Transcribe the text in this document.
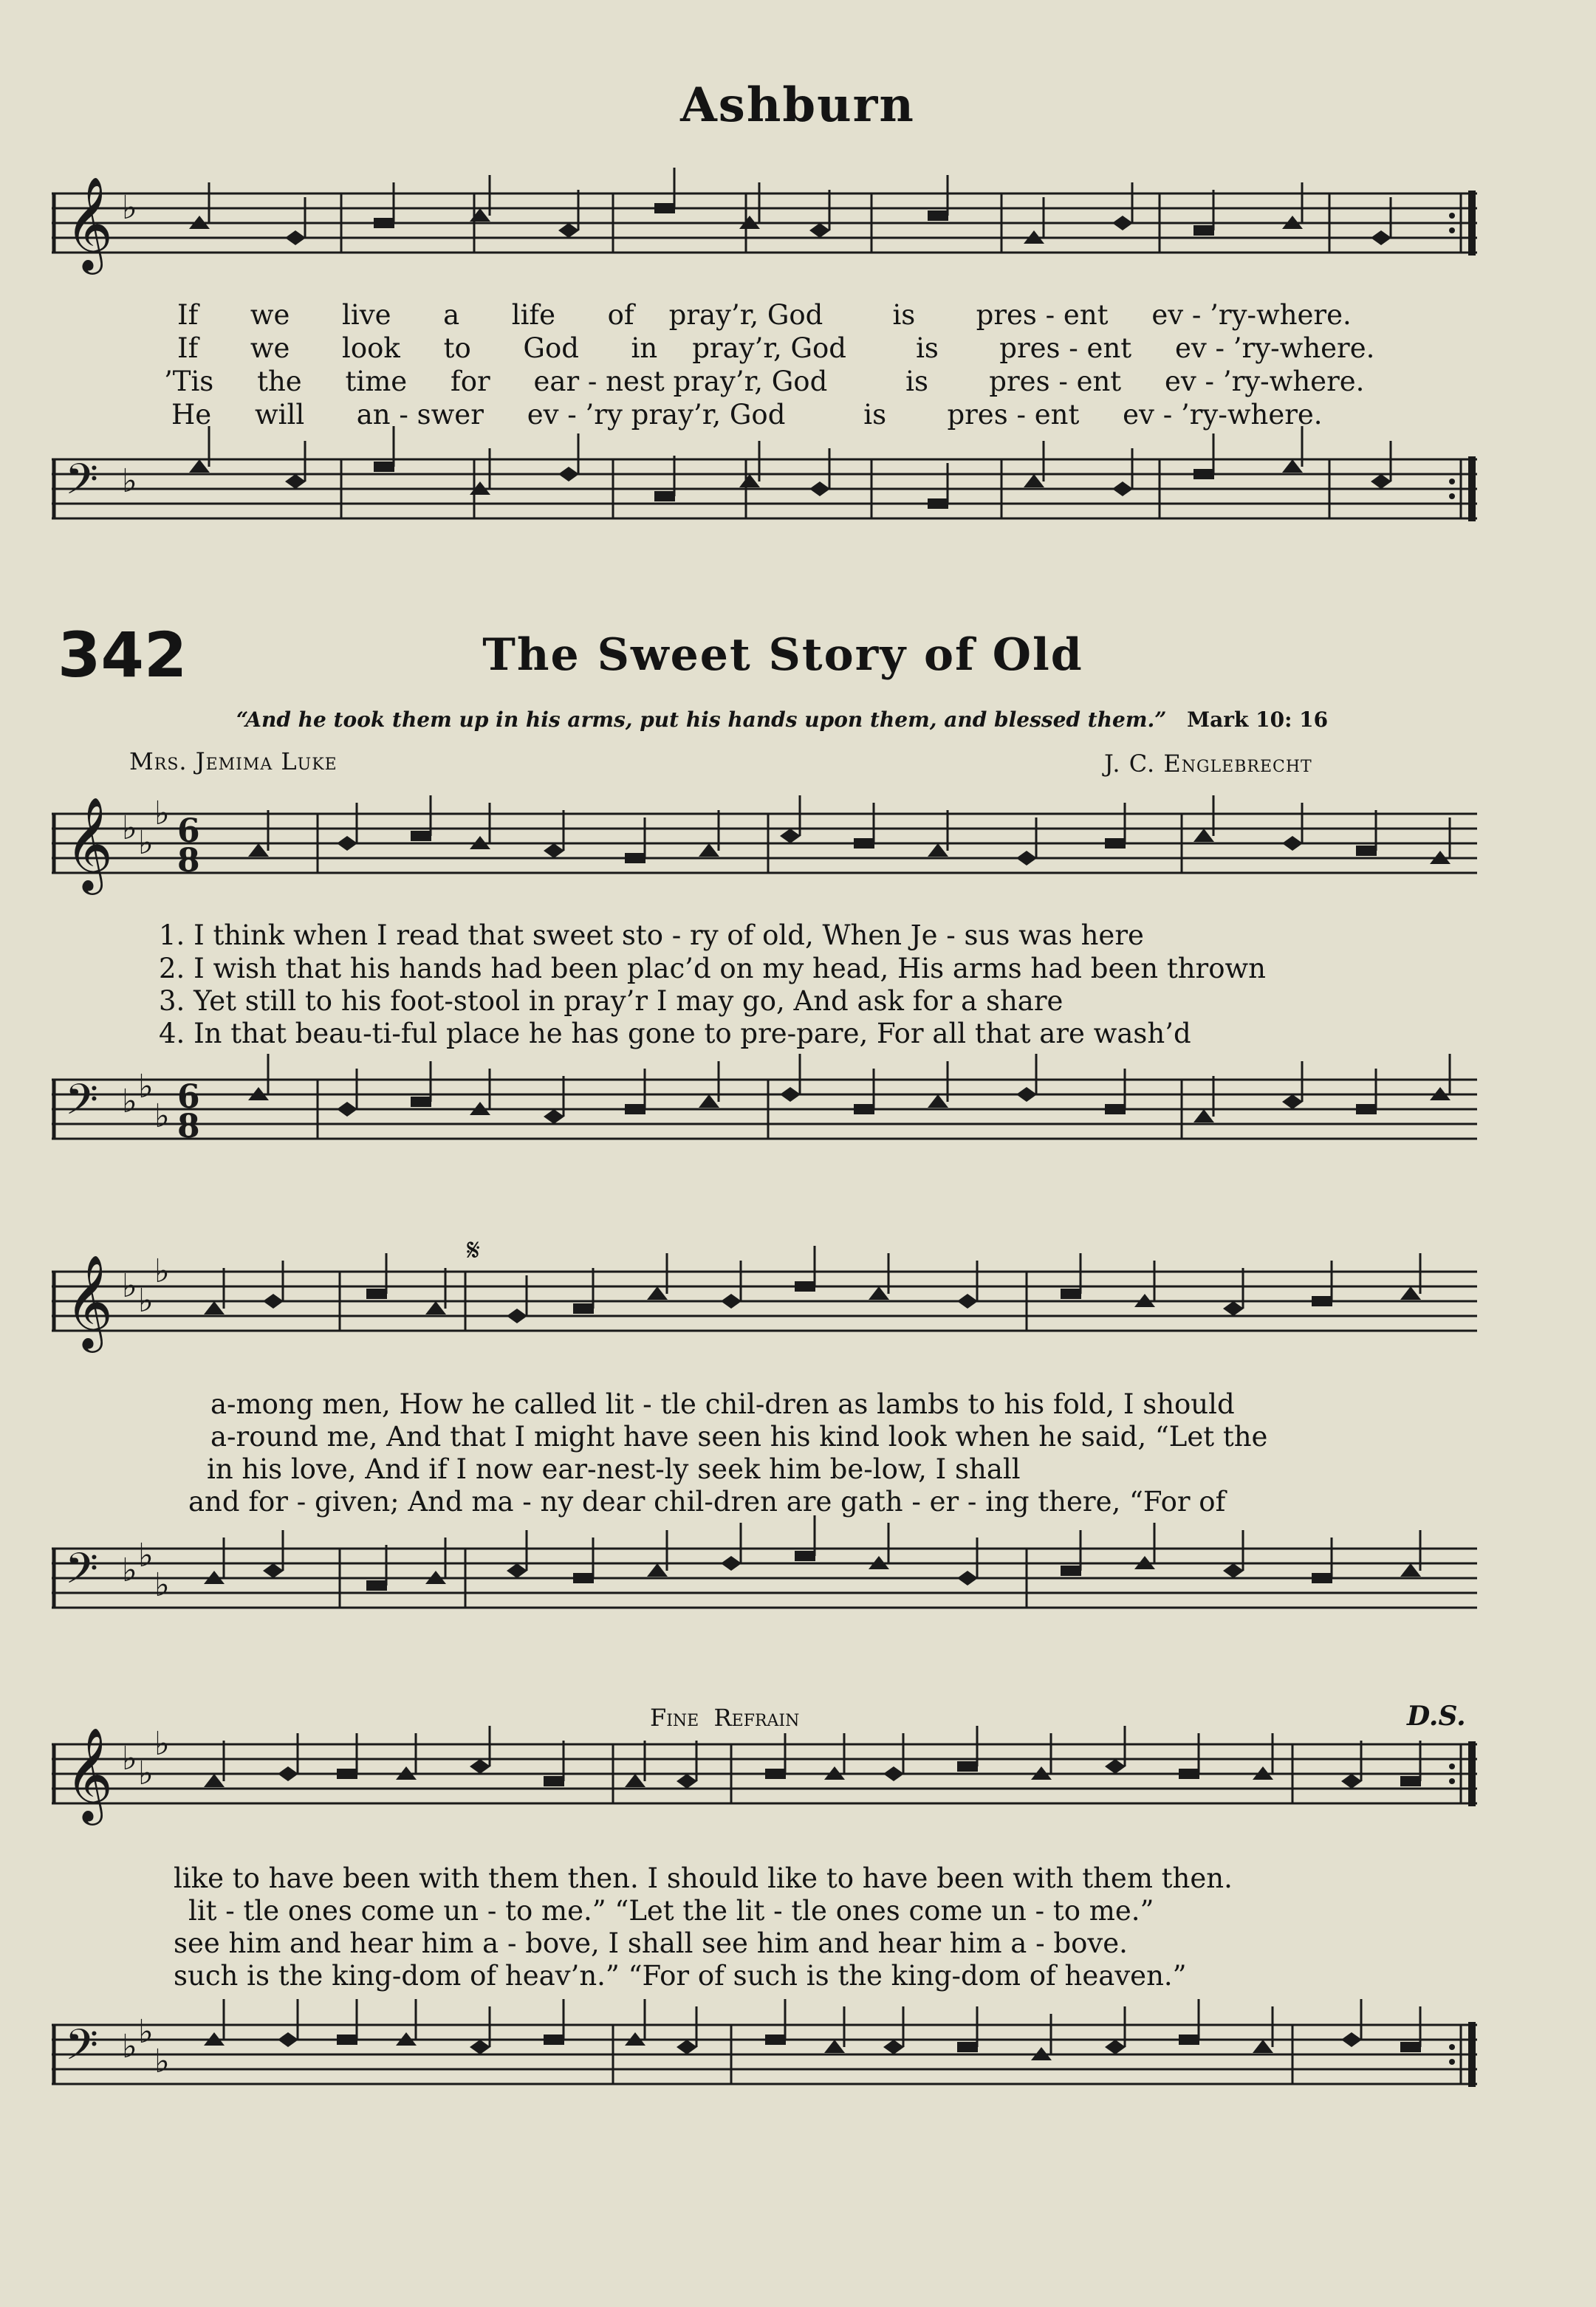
Ashburn
𝄞 ♭
If we live a life of pray’r, God	is pres - ent ev - ’ry-where.
If we look to God in pray’r, God	is pres - ent ev - ’ry-where.
’Tis the time for ear - nest pray’r, God	is pres - ent ev - ’ry-where.
He will an - swer ev - ’ry pray’r, God	is pres - ent ev - ’ry-where.
𝄢 ♭
342	The Sweet Story of Old
“And he took them up in his arms, put his hands upon them, and blessed them.” Mark 10: 16
Mrs. Jemima Luke	J. C. Englebrecht
𝄞 ♭ ♭
♭ 6
8
1. I think when I read that sweet sto - ry of old, When Je - sus was here
2. I wish that his hands had been plac’d on my head, His arms had been thrown
3. Yet still to his foot-stool in pray’r I may go, And ask for a share
4. In that beau-ti-ful place he has gone to pre-pare, For all that are wash’d
𝄢 ♭ ♭
♭
6
8
𝄋
𝄞 ♭ ♭
♭
a-mong men, How he called lit - tle chil-dren as lambs to his fold, I should
a-round me, And that I might have seen his kind look when he said, “Let the
in his love, And if I now ear-nest-ly seek him be-low, I shall
and for - given; And ma - ny dear chil-dren are gath - er - ing there, “For of
𝄢 ♭ ♭
♭
Fine Refrain	D.S.
𝄞 ♭ ♭
♭
like to have been with them then. I should like to have been with them then.
lit - tle ones come un - to me.” “Let the lit - tle ones come un - to me.”
see him and hear him a - bove, I shall see him and hear him a - bove.
such is the king-dom of heav’n.” “For of such is the king-dom of heaven.”
𝄢 ♭ ♭
♭
